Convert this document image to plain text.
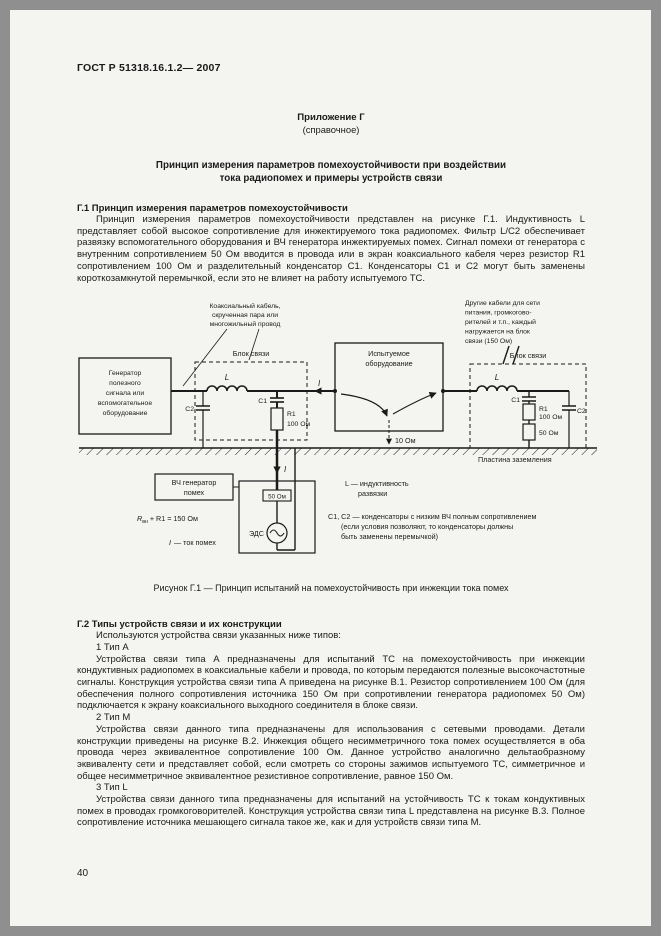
ГОСТ Р 51318.16.1.2— 2007
Приложение Г
(справочное)
Принцип измерения параметров помехоустойчивости при воздействии
тока радиопомех и примеры устройств связи
Г.1 Принцип измерения параметров помехоустойчивости

Принцип измерения параметров помехоустойчивости представлен на рисунке Г.1. Индуктивность L представляет собой высокое сопротивление для инжектируемого тока радиопомех. Фильтр L/С2 обеспечивает развязку вспомогательного оборудования и ВЧ генератора инжектируемых помех. Сигнал помехи от генератора с внутренним сопротивлением 50 Ом вводится в провода или в экран коаксиального кабеля через резистор R1 сопротивлением 100 Ом и разделительный конденсатор С1. Конденсаторы С1 и С2 могут быть заменены короткозамкнутой перемычкой, если это не влияет на работу испытуемого ТС.

Пластина заземления
Генератор
полезного
сигнала или
вспомогательное
оборудование
Коаксиальный кабель,
скрученная пара или
многожильный провод
Другие кабели для сети
питания, громкогово-
рителей и т.п., каждый
нагружается на блок
связи (150 Ом)
Блок связи
L
С2
С1
R1
100 Ом
Испытуемое
оборудование
10 Ом
Блок связи
L
С1
R1
100 Ом
50 Ом
С2
ВЧ генератор
помех	50 Ом
ЭДС
$R_{вн} + R1 = 150$ Ом
I — ток помех
L — индуктивность
развязки
С1, С2 — конденсаторы с низким ВЧ полным сопротивлением
(если условия позволяют, то конденсаторы должны
быть заменены перемычкой)
I
I
Рисунок Г.1 — Принцип испытаний на помехоустойчивость при инжекции тока помех
Г.2 Типы устройств связи и их конструкции

Используются устройства связи указанных ниже типов:

1 Тип А

Устройства связи типа А предназначены для испытаний ТС на помехоустойчивость при инжекции кондуктивных радиопомех в коаксиальные кабели и провода, по которым передаются полезные высокочастотные сигналы. Конструкция устройства связи типа А приведена на рисунке В.1. Резистор сопротивлением 100 Ом (для обеспечения полного сопротивления источника 150 Ом при сопротивлении генератора радиопомех 50 Ом) подключается к экрану коаксиального выходного соединителя в блоке связи.

2 Тип М

Устройства связи данного типа предназначены для использования с сетевыми проводами. Детали конструкции приведены на рисунке В.2. Инжекция общего несимметричного тока помех осуществляется в оба провода через эквивалентное сопротивление 100 Ом. Данное устройство аналогично дельтаобразному эквиваленту сети и представляет собой, если смотреть со стороны зажимов испытуемого ТС, симметричное и общее несимметричное эквивалентное резистивное сопротивление, равное 150 Ом.

3 Тип L

Устройства связи данного типа предназначены для испытаний на устойчивость ТС к токам кондуктивных помех в проводах громкоговорителей. Конструкция устройства связи типа L представлена на рисунке В.3. Полное сопротивление источника мешающего сигнала такое же, как и для устройств связи типа М.

40
